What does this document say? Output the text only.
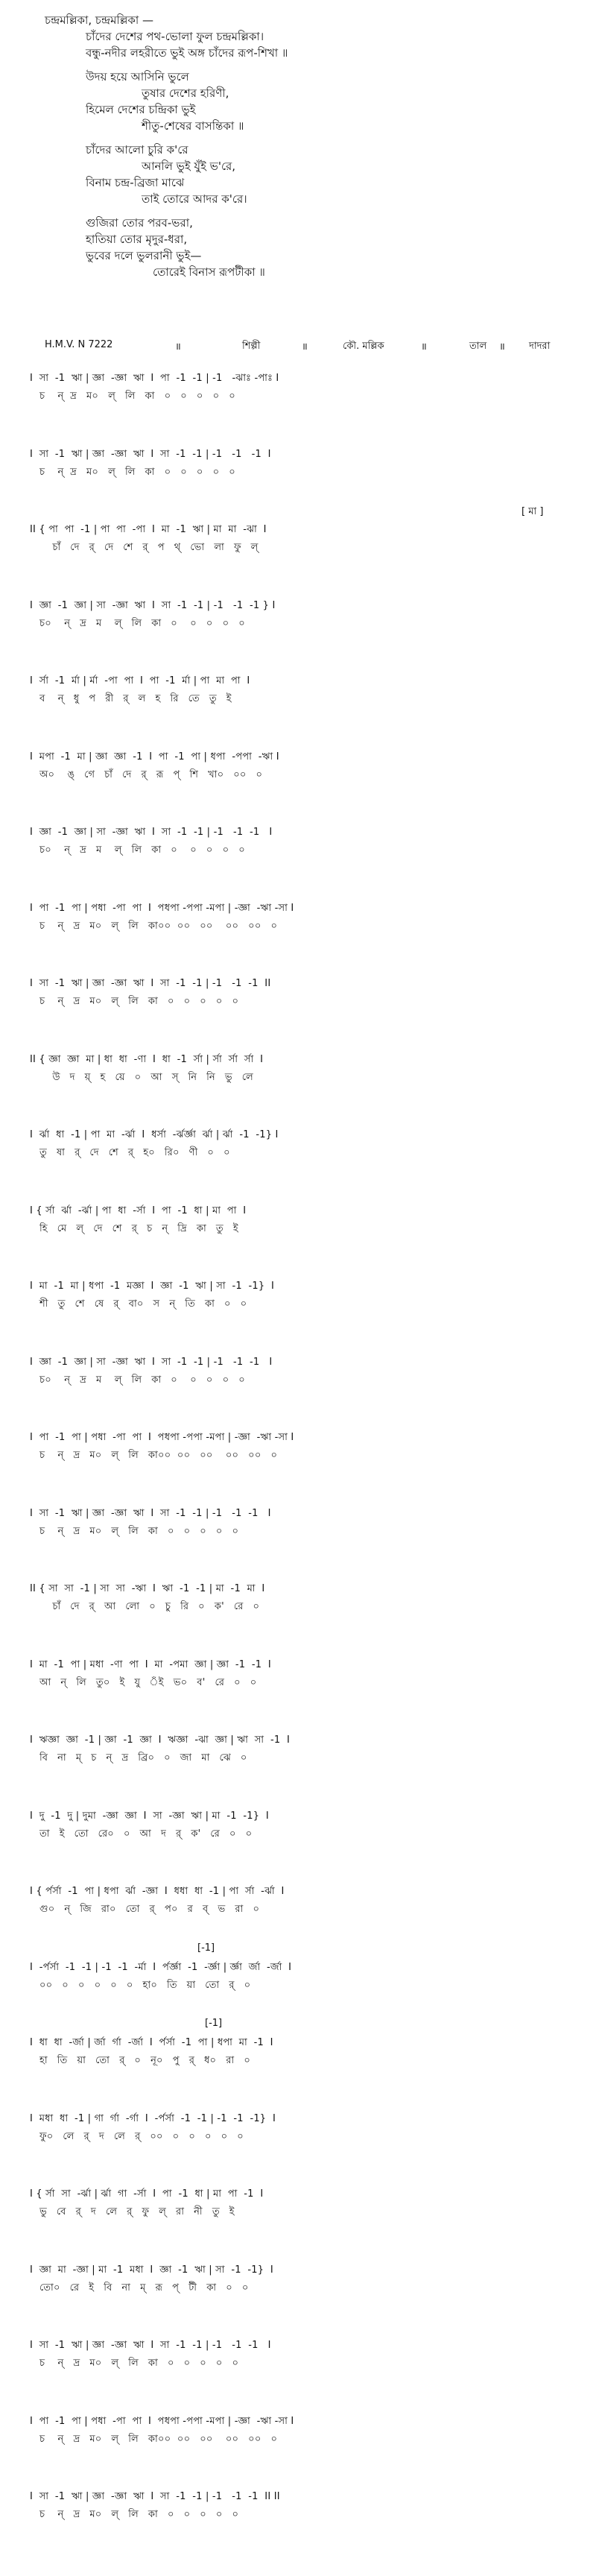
চন্দ্রমল্লিকা, চন্দ্রমল্লিকা —
চাঁদের দেশের পথ-ভোলা ফুল চন্দ্রমল্লিকা।
বন্ধু-নদীর লহরীতে ভুই অঙ্গ চাঁদের রূপ-শিখা ॥
উদয় হয়ে আসিনি ভুলে
তুষার দেশের হরিণী,
হিমেল দেশের চন্দ্রিকা ভুই
শীতু-শেষের বাসন্তিকা ॥
চাঁদের আলো চুরি ক'রে
আনলি ভুই যুঁই ভ'রে,
বিনাম চন্দ্র-ব্রিজা মাঝে
তাই তোরে আদর ক'রে।
গুজিরা তোর পরব-ভরা,
হাতিয়া তোর মৃদুর-ধরা,
ভুবের দলে ভুলরানী ভুই—
তোরেই বিনাস রূপটীকা ॥
H.M.V. N 7222	॥	শিল্পী	॥	কৌ. মল্লিক	॥	তাল ॥ দাদরা
I  সা  -1  ঋা | জ্ঞা  -জ্ঞা  ঋা  I  পা  -1  -1 | -1   -ঝাঃ -পাঃ I
চ    ন্  দ্র   ম০   ল্   লি   কা   ০   ০   ০   ০   ০
I  সা  -1  ঋা | জ্ঞা  -জ্ঞা  ঋা  I  সা  -1  -1 | -1   -1   -1  I
চ    ন্  দ্র   ম০   ল্   লি   কা   ০   ০   ০   ০   ০
II { পা  পা  -1 | পা  পা  -পা  I  মা  -1  ঋা | মা  মা  -ঝা  I
চাঁ   দে   র্   দে   শে   র্   প   থ্   ভো   লা   ফু   ল্
[ মা ]
I  জ্ঞা  -1  জ্ঞা | সা  -জ্ঞা  ঋা  I  সা  -1  -1 | -1   -1  -1 } I
চ০    ন্   দ্র   ম    ল্   লি   কা   ০    ০   ০   ০   ০
I  র্সা  -1  র্মা | র্মা  -পা  পা  I  পা  -1  র্মা | পা  মা  পা  I
ব    ন্   ধু   প   রী   র্   ল   হ   রি   তে   তু   ই
I  মপা  -1  মা | জ্ঞা  জ্ঞা  -1  I  পা  -1  পা | ধপা  -পপা  -ঋা I
অ০    ঙ্   গে   চাঁ   দে   র্   রূ   প্   শি   খা০   ০০   ০
I  জ্ঞা  -1  জ্ঞা | সা  -জ্ঞা  ঋা  I  সা  -1  -1 | -1   -1  -1   I
চ০    ন্   দ্র   ম    ল্   লি   কা   ০    ০   ০   ০   ০
I  পা  -1  পা | পধা  -পা  পা  I  পধপা -পপা -মপা | -জ্ঞা  -ঋা -সা I
চ    ন্   দ্র   ম০   ল্   লি   কা০০  ০০   ০০    ০০   ০০   ০
I  সা  -1  ঋা | জ্ঞা  -জ্ঞা  ঋা  I  সা  -1  -1 | -1   -1  -1  II
চ    ন্   দ্র   ম০   ল্   লি   কা   ০   ০   ০   ০   ০
II { জ্ঞা  জ্ঞা  মা | ধা  ধা  -ণা  I  ধা  -1  র্সা | র্সা  র্সা  র্সা  I
উ   দ   য়্   হ   য়ে   ০   আ   স্   নি   নি   ভু   লে
I  র্ঝা  ধা  -1 | পা  মা  -র্ঝা  I  ধর্সা  -র্ঝর্জ্ঞা  র্ঝা | র্ঝা  -1  -1} I
তু   ষা   র্   দে   শে   র্   হ০   রি০   ণী   ০   ০
I { র্সা  র্ঝা  -র্ঝা | পা  ধা  -র্সা  I  পা  -1  ধা | মা  পা  I
হি   মে   ল্   দে   শে   র্   চ   ন্   দ্রি   কা   তু   ই
I  মা  -1  মা | ধপা  -1  মজ্ঞা  I  জ্ঞা  -1  ঋা | সা  -1  -1}  I
শী   তু   শে   ষে   র্   বা০   স   ন্   তি   কা   ০   ০
I  জ্ঞা  -1  জ্ঞা | সা  -জ্ঞা  ঋা  I  সা  -1  -1 | -1   -1  -1   I
চ০    ন্   দ্র   ম    ল্   লি   কা   ০    ০   ০   ০   ০
I  পা  -1  পা | পধা  -পা  পা  I  পধপা -পপা -মপা | -জ্ঞা  -ঋা -সা I
চ    ন্   দ্র   ম০   ল্   লি   কা০০  ০০   ০০    ০০   ০০   ০
I  সা  -1  ঋা | জ্ঞা  -জ্ঞা  ঋা  I  সা  -1  -1 | -1   -1  -1   I
চ    ন্   দ্র   ম০   ল্   লি   কা   ০   ০   ০   ০   ০
II { সা  সা  -1 | সা  সা  -ঋা  I  ঋা  -1  -1 | মা  -1  মা  I
চাঁ   দে   র্   আ   লো   ০   চু   রি   ০   ক'   রে   ০
I  মা  -1  পা | মধা  -ণা  পা  I  মা  -পমা  জ্ঞা | জ্ঞা  -1  -1  I
আ   ন্   লি   তু০   ই   যু   ঁই   ভ০   ব'   রে   ০   ০
I  ঋজ্ঞা  জ্ঞা  -1 | জ্ঞা  -1  জ্ঞা  I  ঋজ্ঞা  -ঝা  জ্ঞা | ঋা  সা  -1  I
বি   না   ম্   চ   ন্   দ্র   ব্রি০   ০   জা   মা   ঝে   ০
I  দু  -1  দু | দুমা  -জ্ঞা  জ্ঞা  I  সা  -জ্ঞা  ঋা | মা  -1  -1}  I
তা   ই   তো   রে০   ০   আ   দ   র্   ক'   রে   ০   ০
I { র্পর্সা  -1  পা | ধপা  র্ঝা  -জ্ঞা  I  ধধা  ধা  -1 | পা  র্সা  -র্ঝা  I
গু০   ন্   জি   রা০   তো   র্   প০   র   ব্   ভ   রা   ০
I  -র্পর্সা  -1  -1 | -1  -1  -র্মা  I  র্পর্জ্ঞা  -1  -র্জ্ঞা | র্জ্ঞা  র্জা  -র্জা  I
০০   ০   ০   ০   ০   ০   হা০   তি   য়া   তো   র্   ০
[-1]
I  ধা  ধা  -র্জা | র্জা  র্গা  -র্জা  I  র্পর্সা  -1  পা | ধপা  মা  -1  I
হা   তি   য়া   তো   র্   ০   নূ০   পু   র্   ধ০   রা   ০
[-1]
I  মধা  ধা  -1 | গা  র্গা  -র্গা  I  -র্পর্সা  -1  -1 | -1  -1  -1}  I
ফু০   লে   র্   দ   লে   র্   ০০   ০   ০   ০   ০   ০
I { র্সা  সা  -র্ঝা | র্ঝা  গা  -র্সা  I  পা  -1  ধা | মা  পা  -1  I
ভু   বে   র্   দ   লে   র্   ফু   ল্   রা   নী   তু   ই
I  জ্ঞা  মা  -জ্ঞা | মা  -1  মধা  I  জ্ঞা  -1  ঋা | সা  -1  -1}  I
তো০   রে   ই   বি   না   ম্   রূ   প্   টী   কা   ০   ০
I  সা  -1  ঋা | জ্ঞা  -জ্ঞা  ঋা  I  সা  -1  -1 | -1   -1  -1   I
চ    ন্   দ্র   ম০   ল্   লি   কা   ০   ০   ০   ০   ০
I  পা  -1  পা | পধা  -পা  পা  I  পধপা -পপা -মপা | -জ্ঞা  -ঋা -সা I
চ    ন্   দ্র   ম০   ল্   লি   কা০০  ০০   ০০    ০০   ০০   ০
I  সা  -1  ঋা | জ্ঞা  -জ্ঞা  ঋা  I  সা  -1  -1 | -1   -1  -1  II II
চ    ন্   দ্র   ম০   ল্   লি   কা   ০   ০   ০   ০   ০
